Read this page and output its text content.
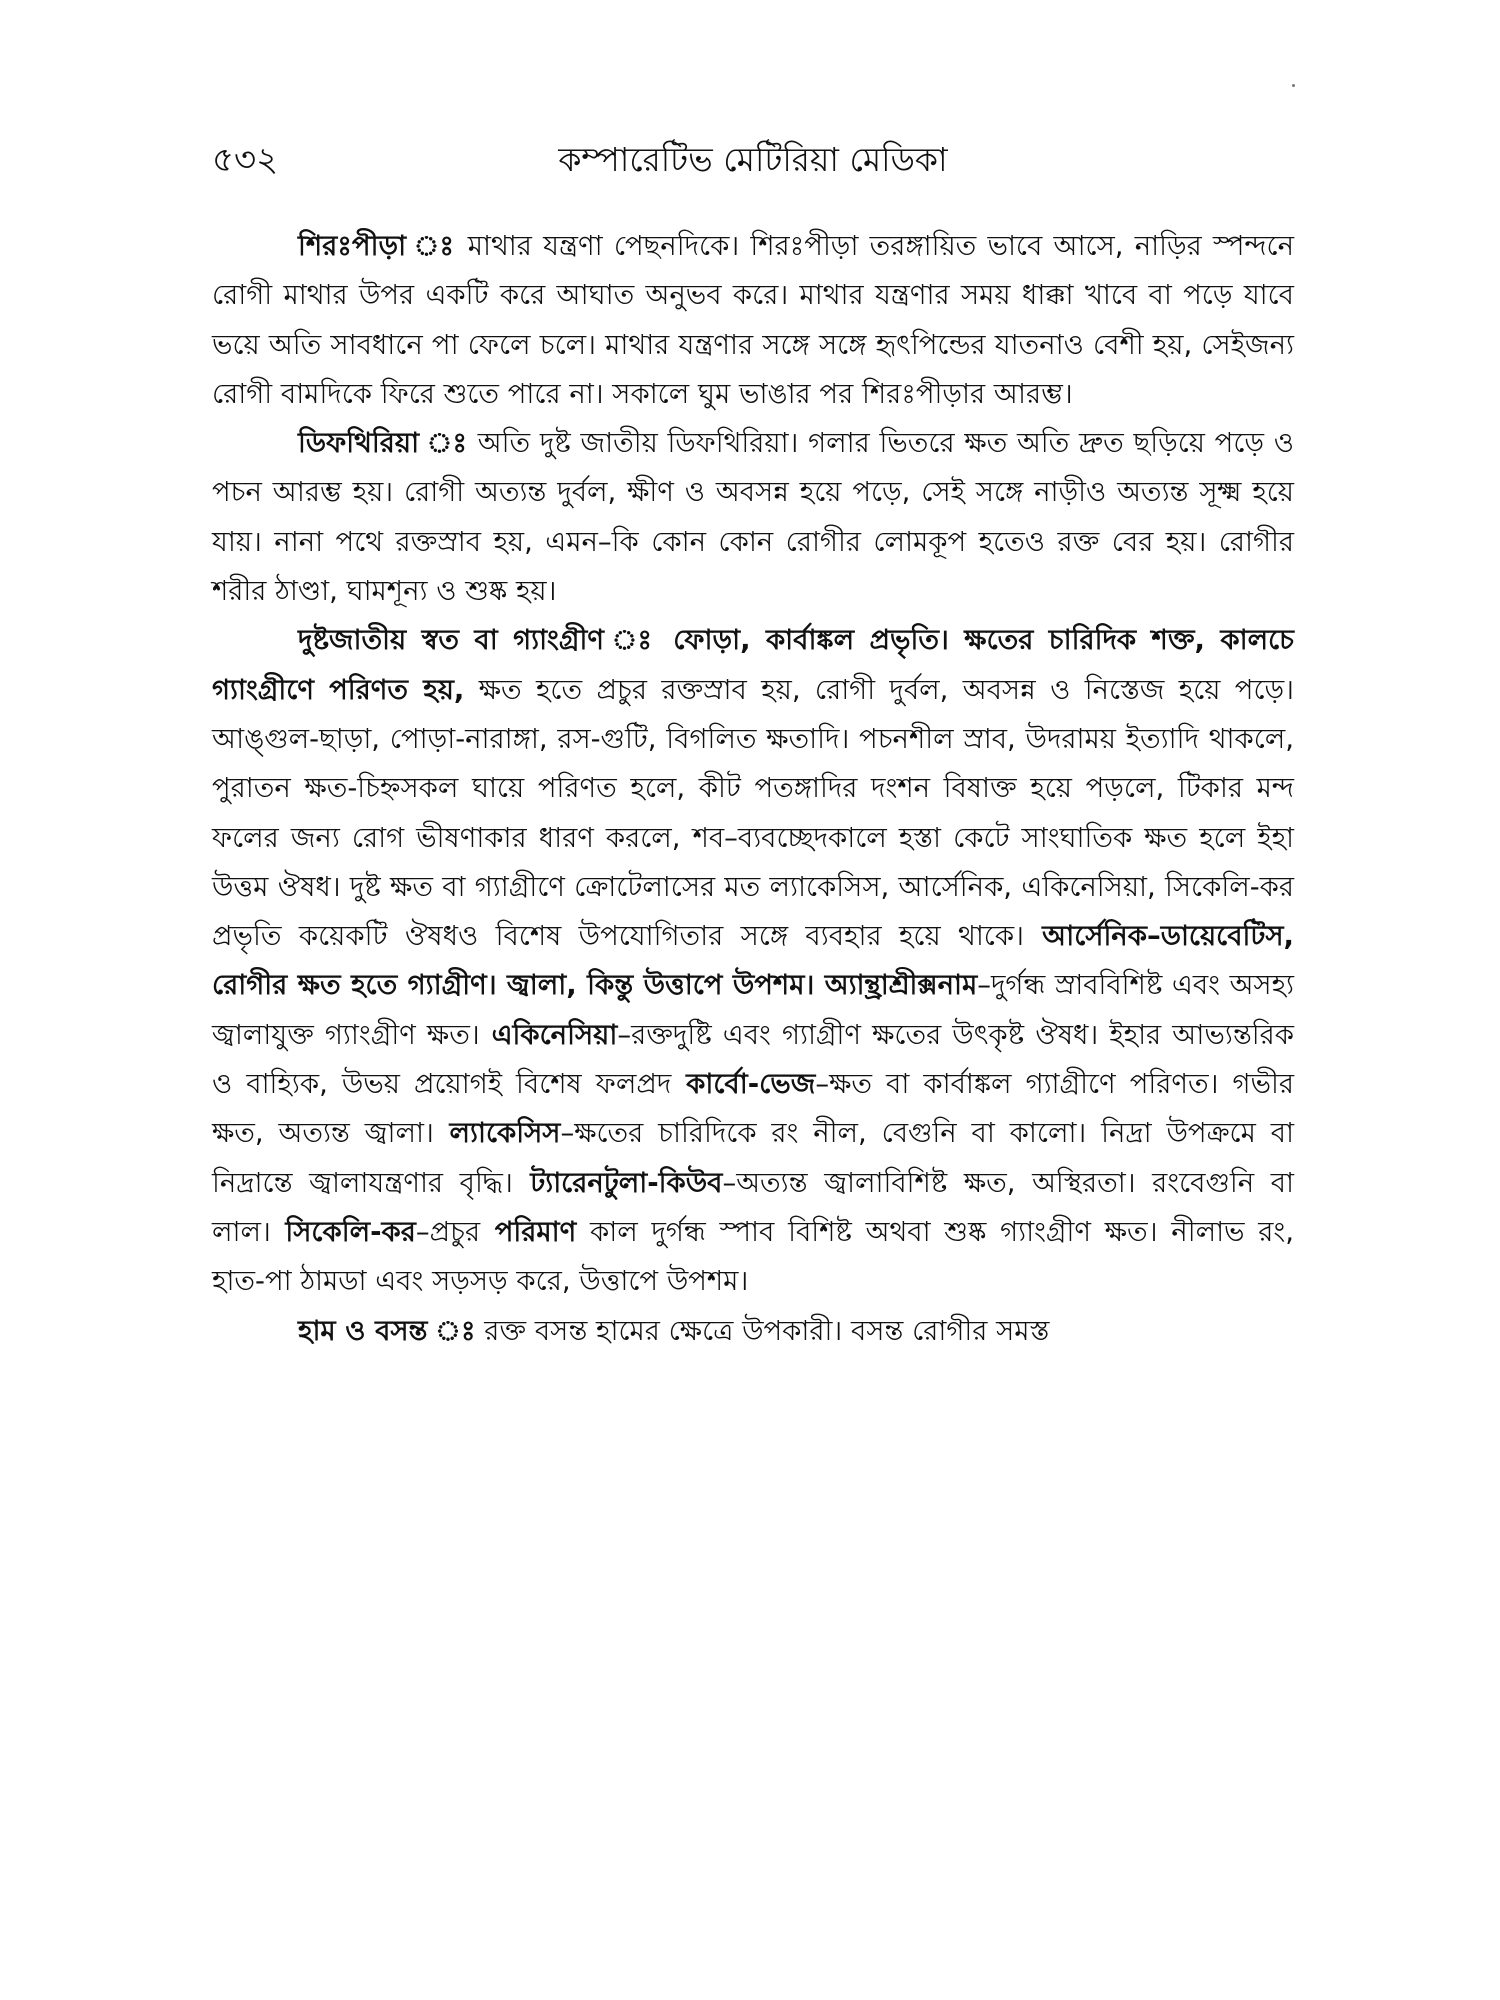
৫৩২	কম্পারেটিভ মেটিরিয়া মেডিকা

শিরঃপীড়া ঃ মাথার যন্ত্রণা পেছনদিকে। শিরঃপীড়া তরঙ্গায়িত ভাবে আসে, নাড়ির স্পন্দনে রোগী মাথার উপর একটি করে আঘাত অনুভব করে। মাথার যন্ত্রণার সময় ধাক্কা খাবে বা পড়ে যাবে ভয়ে অতি সাবধানে পা ফেলে চলে। মাথার যন্ত্রণার সঙ্গে সঙ্গে হৃৎপিন্ডের যাতনাও বেশী হয়, সেইজন্য রোগী বামদিকে ফিরে শুতে পারে না। সকালে ঘুম ভাঙার পর শিরঃপীড়ার আরম্ভ।

ডিফথিরিয়া ঃ অতি দুষ্ট জাতীয় ডিফথিরিয়া। গলার ভিতরে ক্ষত অতি দ্রুত ছড়িয়ে পড়ে ও পচন আরম্ভ হয়। রোগী অত্যন্ত দুর্বল, ক্ষীণ ও অবসন্ন হয়ে পড়ে, সেই সঙ্গে নাড়ীও অত্যন্ত সূক্ষ্ম হয়ে যায়। নানা পথে রক্তস্রাব হয়, এমন–কি কোন কোন রোগীর লোমকূপ হতেও রক্ত বের হয়। রোগীর শরীর ঠাণ্ডা, ঘামশূন্য ও শুষ্ক হয়।

দুষ্টজাতীয় স্বত বা গ্যাংগ্রীণ ঃ ফোড়া, কার্বাঙ্কল প্রভৃতি। ক্ষতের চারিদিক শক্ত, কালচে গ্যাংগ্রীণে পরিণত হয়, ক্ষত হতে প্রচুর রক্তস্রাব হয়, রোগী দুর্বল, অবসন্ন ও নিস্তেজ হয়ে পড়ে। আঙ্গুল-ছাড়া, পোড়া-নারাঙ্গা, রস-গুটি, বিগলিত ক্ষতাদি। পচনশীল স্রাব, উদরাময় ইত্যাদি থাকলে, পুরাতন ক্ষত-চিহ্নসকল ঘায়ে পরিণত হলে, কীট পতঙ্গাদির দংশন বিষাক্ত হয়ে পড়লে, টিকার মন্দ ফলের জন্য রোগ ভীষণাকার ধারণ করলে, শব–ব্যবচ্ছেদকালে হস্তা কেটে সাংঘাতিক ক্ষত হলে ইহা উত্তম ঔষধ। দুষ্ট ক্ষত বা গ্যাগ্রীণে ক্রোটেলাসের মত ল্যাকেসিস, আর্সেনিক, একিনেসিয়া, সিকেলি-কর প্রভৃতি কয়েকটি ঔষধও বিশেষ উপযোগিতার সঙ্গে ব্যবহার হয়ে থাকে। আর্সেনিক–ডায়েবেটিস, রোগীর ক্ষত হতে গ্যাগ্রীণ। জ্বালা, কিন্তু উত্তাপে উপশম। অ্যান্থ্রাশ্রীক্সনাম–দুর্গন্ধ স্রাববিশিষ্ট এবং অসহ্য জ্বালাযুক্ত গ্যাংগ্রীণ ক্ষত। একিনেসিয়া–রক্তদুষ্টি এবং গ্যাগ্রীণ ক্ষতের উৎকৃষ্ট ঔষধ। ইহার আভ্যন্তরিক ও বাহ্যিক, উভয় প্রয়োগই বিশেষ ফলপ্রদ কার্বো-ভেজ–ক্ষত বা কার্বাঙ্কল গ্যাগ্রীণে পরিণত। গভীর ক্ষত, অত্যন্ত জ্বালা। ল্যাকেসিস–ক্ষতের চারিদিকে রং নীল, বেগুনি বা কালো। নিদ্রা উপক্রমে বা নিদ্রান্তে জ্বালাযন্ত্রণার বৃদ্ধি। ট্যারেনটুলা-কিউব–অত্যন্ত জ্বালাবিশিষ্ট ক্ষত, অস্থিরতা। রংবেগুনি বা লাল। সিকেলি-কর–প্রচুর পরিমাণ কাল দুর্গন্ধ স্পাব বিশিষ্ট অথবা শুষ্ক গ্যাংগ্রীণ ক্ষত। নীলাভ রং, হাত-পা ঠামডা এবং সড়সড় করে, উত্তাপে উপশম।

হাম ও বসন্ত ঃ রক্ত বসন্ত হামের ক্ষেত্রে উপকারী। বসন্ত রোগীর সমস্ত
